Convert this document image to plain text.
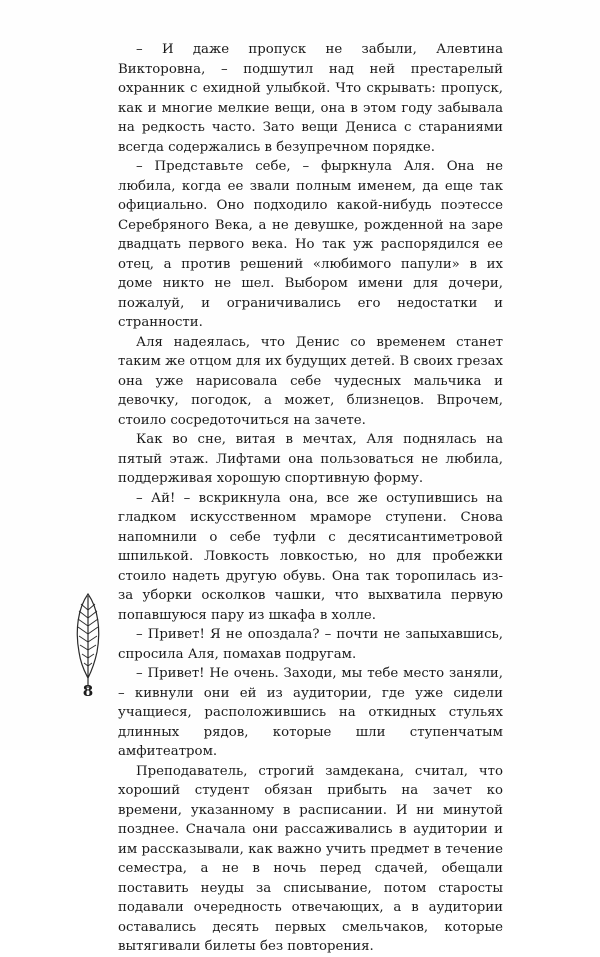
– И даже пропуск не забыли, Алевтина Викторовна, – подшутил над ней престарелый охранник с ехидной улыбкой. Что скрывать: пропуск, как и многие мелкие вещи, она в этом году забывала на редкость часто. Зато вещи Дениса с стараниями всегда содержались в безупречном порядке.

– Представьте себе, – фыркнула Аля. Она не любила, когда ее звали полным именем, да еще так официально. Оно подходило какой-нибудь поэтессе Серебряного Века, а не девушке, рожденной на заре двадцать первого века. Но так уж распорядился ее отец, а против решений «любимого папули» в их доме никто не шел. Выбором имени для дочери, пожалуй, и ограничивались его недостатки и странности.

Аля надеялась, что Денис со временем станет таким же отцом для их будущих детей. В своих грезах она уже нарисовала себе чудесных мальчика и девочку, погодок, а может, близнецов. Впрочем, стоило сосредоточиться на зачете.

Как во сне, витая в мечтах, Аля поднялась на пятый этаж. Лифтами она пользоваться не любила, поддерживая хорошую спортивную форму.

– Ай! – вскрикнула она, все же оступившись на гладком искусственном мраморе ступени. Снова напомнили о себе туфли с десятисантиметровой шпилькой. Ловкость ловкостью, но для пробежки стоило надеть другую обувь. Она так торопилась из-за уборки осколков чашки, что выхватила первую попавшуюся пару из шкафа в холле.

– Привет! Я не опоздала? – почти не запыхавшись, спросила Аля, помахав подругам.

– Привет! Не очень. Заходи, мы тебе место заняли, – кивнули они ей из аудитории, где уже сидели учащиеся, расположившись на откидных стульях длинных рядов, которые шли ступенчатым амфитеатром.

Преподаватель, строгий замдекана, считал, что хороший студент обязан прибыть на зачет ко времени, указанному в расписании. И ни минутой позднее. Сначала они рассаживались в аудитории и им рассказывали, как важно учить предмет в течение семестра, а не в ночь перед сдачей, обещали поставить неуды за списывание, потом старосты подавали очередность отвечающих, а в аудитории оставались десять первых смельчаков, которые вытягивали билеты без повторения.

8
